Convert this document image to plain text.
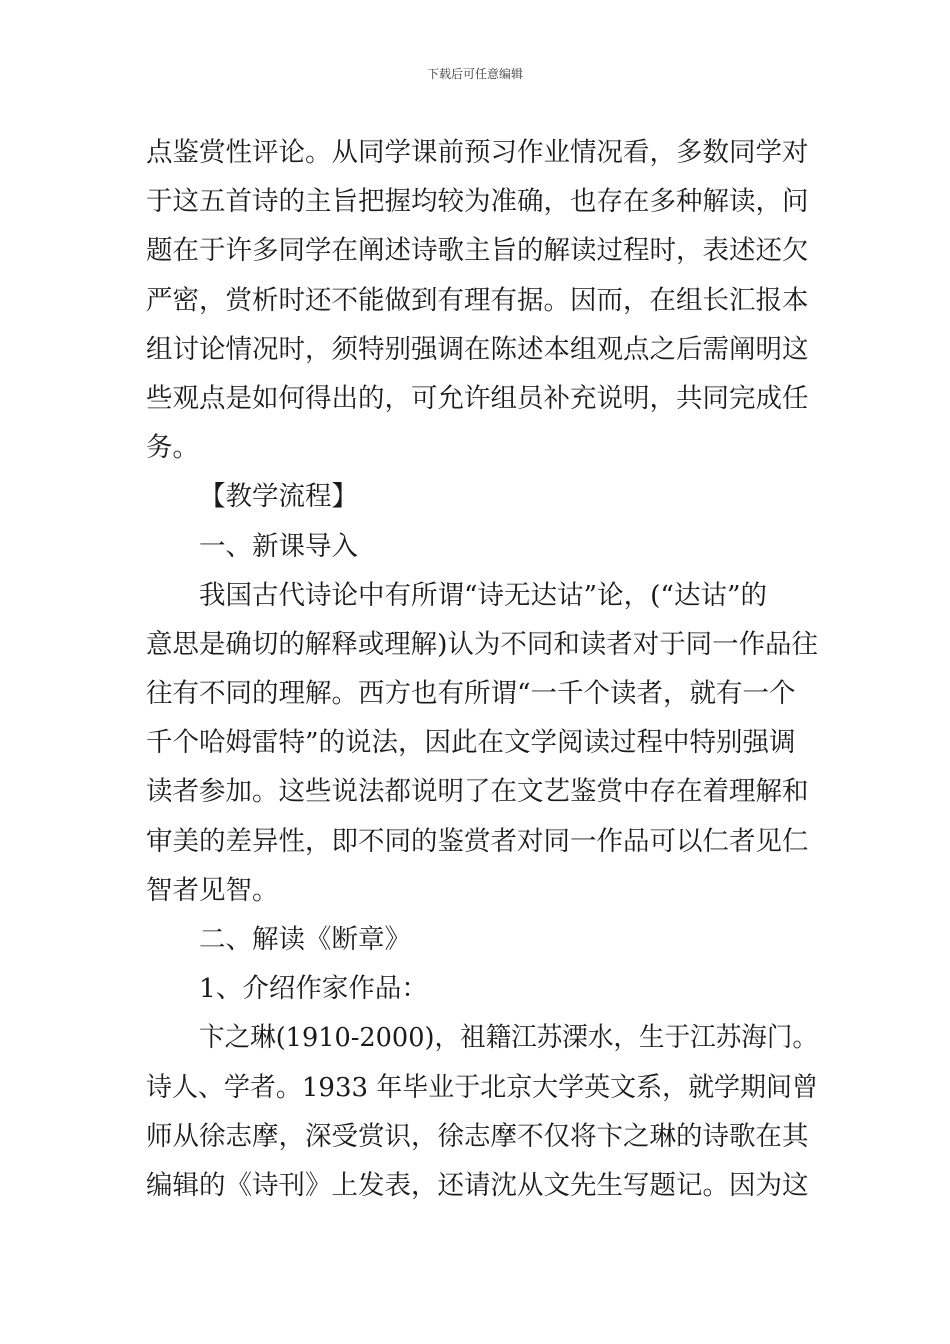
下载后可任意编辑
点鉴赏性评论。从同学课前预习作业情况看，多数同学对
于这五首诗的主旨把握均较为准确，也存在多种解读，问
题在于许多同学在阐述诗歌主旨的解读过程时，表述还欠
严密，赏析时还不能做到有理有据。因而，在组长汇报本
组讨论情况时，须特别强调在陈述本组观点之后需阐明这
些观点是如何得出的，可允许组员补充说明，共同完成任
务。
【教学流程】
一、新课导入
我国古代诗论中有所谓“诗无达诂”论，(“达诂”的
意思是确切的解释或理解)认为不同和读者对于同一作品往
往有不同的理解。西方也有所谓“一千个读者，就有一个
千个哈姆雷特”的说法，因此在文学阅读过程中特别强调
读者参加。这些说法都说明了在文艺鉴赏中存在着理解和
审美的差异性，即不同的鉴赏者对同一作品可以仁者见仁
智者见智。
二、解读《断章》
1、介绍作家作品：
卞之琳(1910-2000)，祖籍江苏溧水，生于江苏海门。
诗人、学者。1933 年毕业于北京大学英文系，就学期间曾
师从徐志摩，深受赏识，徐志摩不仅将卞之琳的诗歌在其
编辑的《诗刊》上发表，还请沈从文先生写题记。因为这
